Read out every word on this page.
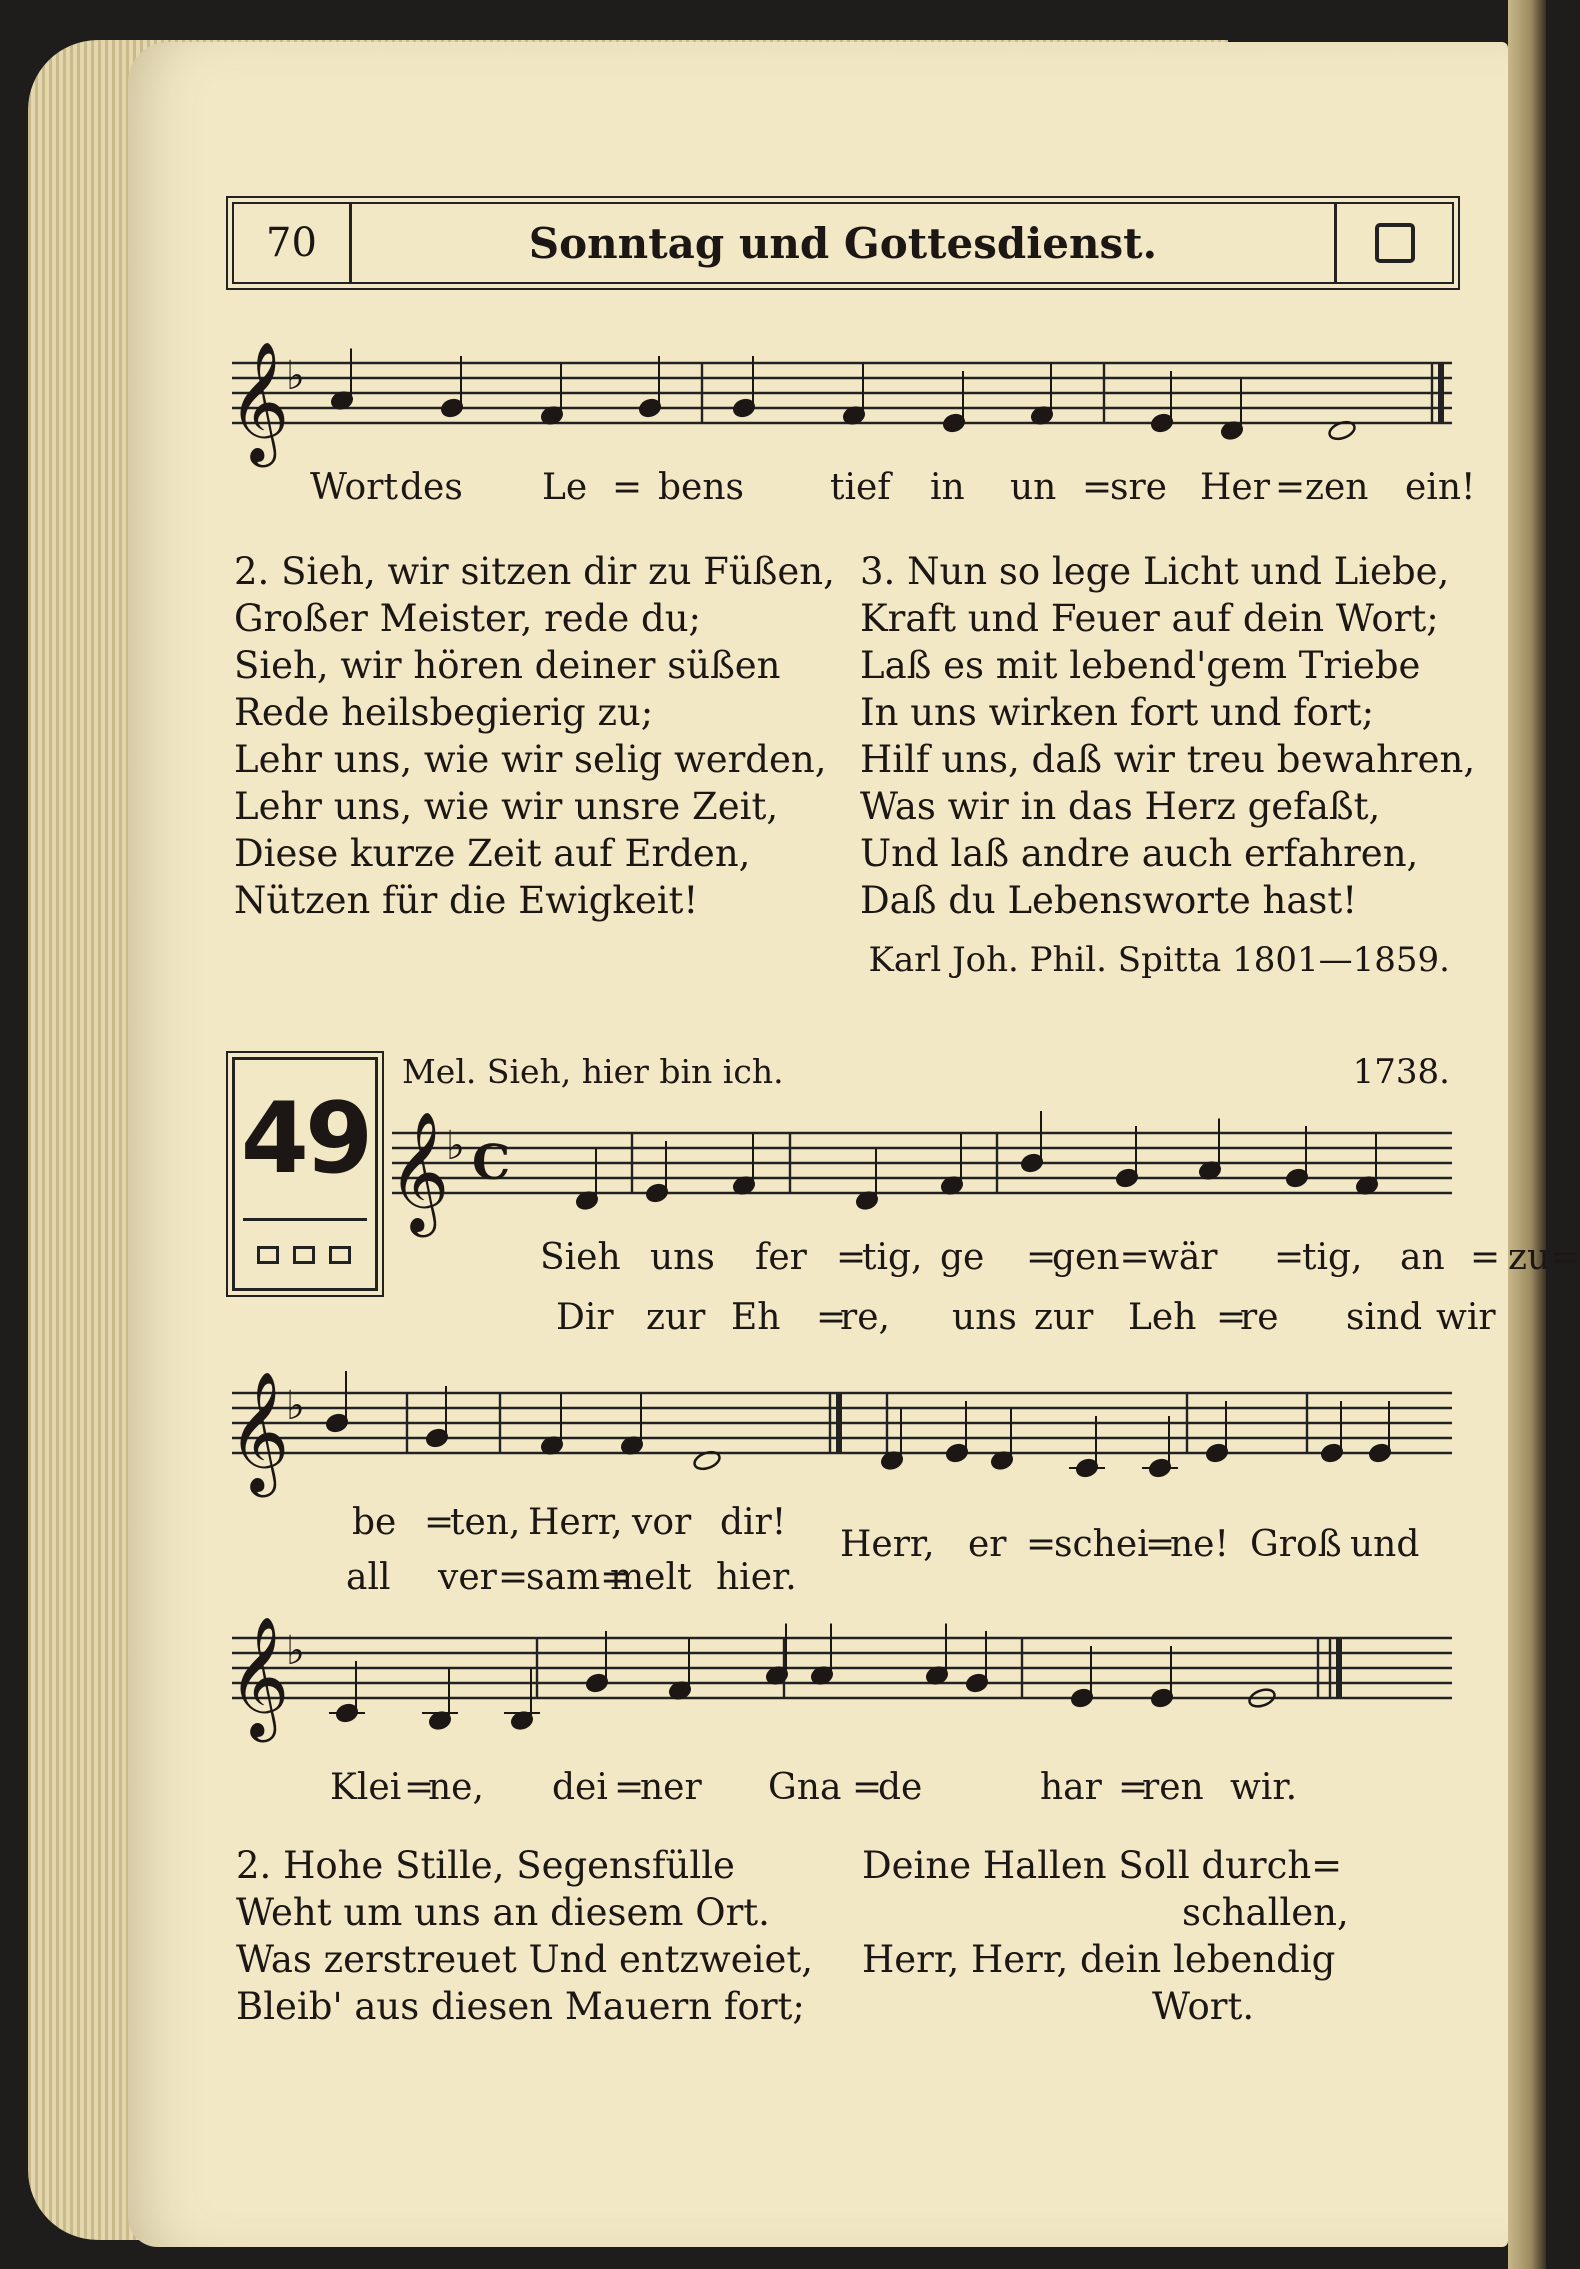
70	Sonntag und Gottesdienst.
𝄞
♭
Wort des Le = bens tief in un =
sre Her = zen ein!

2. Sieh, wir sitzen dir zu Füßen,

Großer Meister, rede du;

Sieh, wir hören deiner süßen

Rede heilsbegierig zu;

Lehr uns, wie wir selig werden,

Lehr uns, wie wir unsre Zeit,

Diese kurze Zeit auf Erden,

Nützen für die Ewigkeit!

3. Nun so lege Licht und Liebe,

Kraft und Feuer auf dein Wort;

Laß es mit lebend'gem Triebe

In uns wirken fort und fort;

Hilf uns, daß wir treu bewahren,

Was wir in das Herz gefaßt,

Und laß andre auch erfahren,

Daß du Lebensworte hast!

Karl Joh. Phil. Spitta 1801—1859.
49
Mel. Sieh, hier bin ich.	1738.
𝄞
♭ C
Sieh uns fer =
tig, ge =
gen=
wär =
tig, an = zu=
Dir zur Eh =
re, uns zur Leh =
re sind wir
𝄞
♭
be =
ten, Herr, vor dir!
all ver =
sam=
melt hier.
Herr, er =
schei
=
ne! Groß und
𝄞
♭
Klei =
ne, dei =
ner Gna =
de	har =
ren wir.

2. Hohe Stille, Segensfülle

Weht um uns an diesem Ort.

Was zerstreuet Und entzweiet,

Bleib' aus diesen Mauern fort;

Deine Hallen Soll durch=

schallen,

Herr, Herr, dein lebendig

Wort.
